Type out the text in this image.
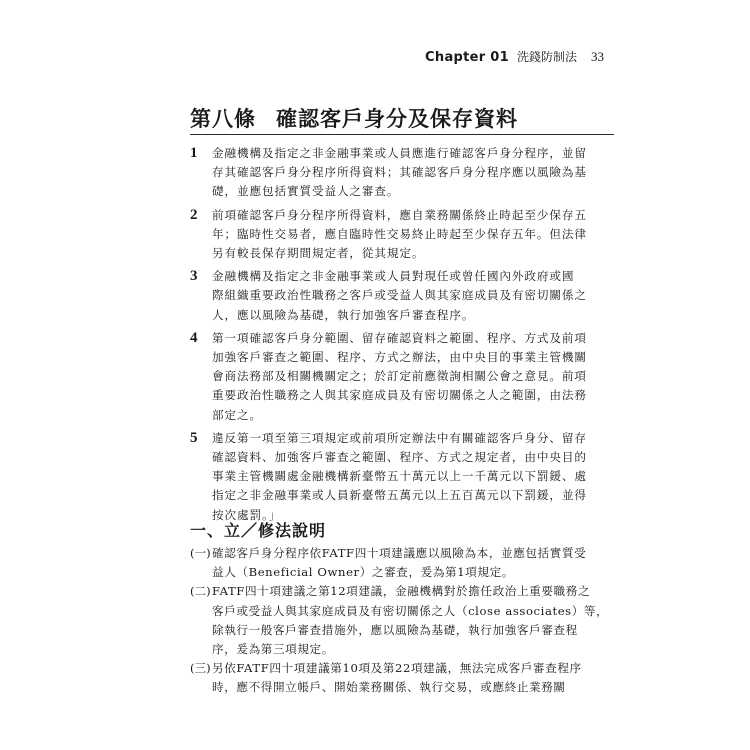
Chapter 01 洗錢防制法 33
第八條 確認客戶身分及保存資料
1	金融機構及指定之非金融事業或人員應進行確認客戶身分程序，並留
存其確認客戶身分程序所得資料；其確認客戶身分程序應以風險為基
礎，並應包括實質受益人之審查。
2	前項確認客戶身分程序所得資料，應自業務關係終止時起至少保存五
年；臨時性交易者，應自臨時性交易終止時起至少保存五年。但法律
另有較長保存期間規定者，從其規定。
3	金融機構及指定之非金融事業或人員對現任或曾任國內外政府或國
際組織重要政治性職務之客戶或受益人與其家庭成員及有密切關係之
人，應以風險為基礎，執行加強客戶審查程序。
4	第一項確認客戶身分範圍、留存確認資料之範圍、程序、方式及前項
加強客戶審查之範圍、程序、方式之辦法，由中央目的事業主管機關
會商法務部及相關機關定之；於訂定前應徵詢相關公會之意見。前項
重要政治性職務之人與其家庭成員及有密切關係之人之範圍，由法務
部定之。
5	違反第一項至第三項規定或前項所定辦法中有關確認客戶身分、留存
確認資料、加強客戶審查之範圍、程序、方式之規定者，由中央目的
事業主管機關處金融機構新臺幣五十萬元以上一千萬元以下罰鍰、處
指定之非金融事業或人員新臺幣五萬元以上五百萬元以下罰鍰，並得
按次處罰。」
一、立／修法說明
(一) 確認客戶身分程序依FATF四十項建議應以風險為本，並應包括實質受
益人（Beneficial Owner）之審查，爰為第1項規定。
(二) FATF四十項建議之第12項建議，金融機構對於擔任政治上重要職務之
客戶或受益人與其家庭成員及有密切關係之人（close associates）等，
除執行一般客戶審查措施外，應以風險為基礎，執行加強客戶審查程
序，爰為第三項規定。
(三) 另依FATF四十項建議第10項及第22項建議，無法完成客戶審查程序
時，應不得開立帳戶、開始業務關係、執行交易，或應終止業務關
